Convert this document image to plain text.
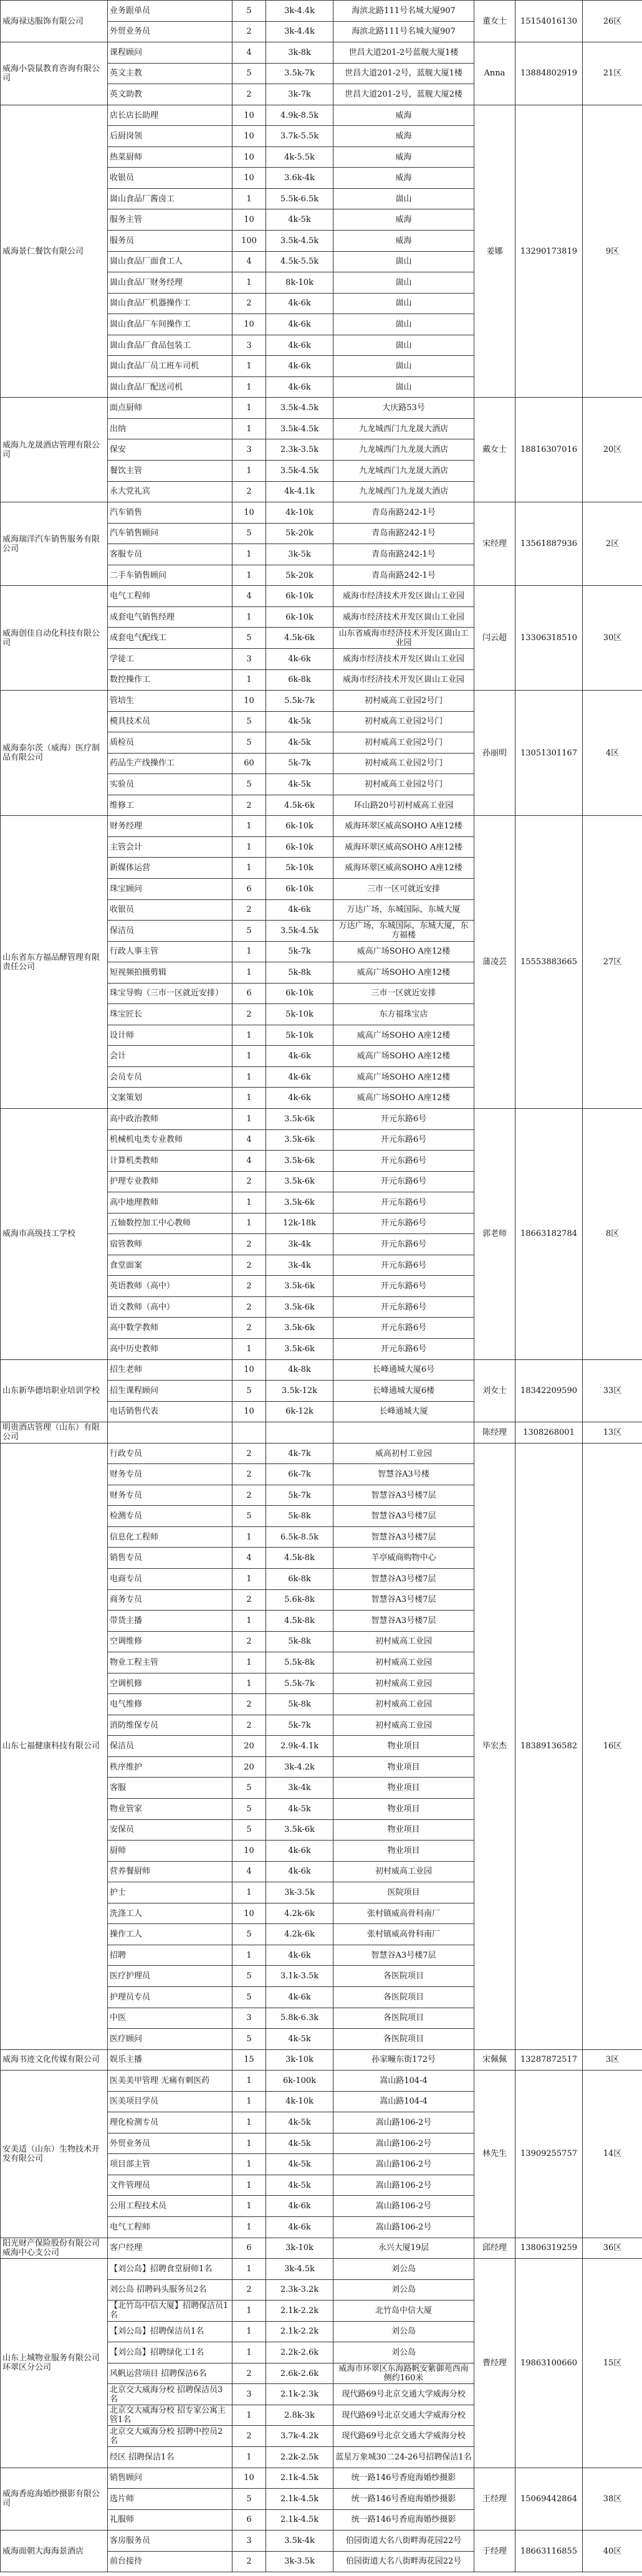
威海禄达服饰有限公司	业务跟单员	5	3k-4.4k	海滨北路111号名城大厦907	董女士	15154016130	26区
	外贸业务员	2	3k-4.4k	海滨北路111号名城大厦907			
威海小袋鼠教育咨询有限公司	课程顾问	4	3k-8k	世昌大道201-2号蓝舰大厦1楼	Anna	13884802919	21区
	英文主教	5	3.5k-7k	世昌大道201-2号，蓝舰大厦1楼			
	英文助教	2	3k-7k	世昌大道201-2号，蓝舰大厦2楼			
威海景仁餐饮有限公司	店长店长助理	10	4.9k-8.5k	威海	姜娜	13290173819	9区
	后厨岗领	10	3.7k-5.5k	威海			
	热菜厨师	10	4k-5.5k	威海			
	收银员	10	3.6k-4k	威海			
	崮山食品厂酱卤工	1	5.5k-6.5k	崮山			
	服务主管	10	4k-5k	威海			
	服务员	100	3.5k-4.5k	威海			
	崮山食品厂面食工人	4	4.5k-5.5k	崮山			
	崮山食品厂财务经理	1	8k-10k	崮山			
	崮山食品厂机器操作工	2	4k-6k	崮山			
	崮山食品厂车间操作工	10	4k-6k	崮山			
	崮山食品厂食品包装工	3	4k-6k	崮山			
	崮山食品厂员工班车司机	1	4k-6k	崮山			
	崮山食品厂配送司机	1	4k-6k	崮山			
威海九龙晟酒店管理有限公司	面点厨师	1	3.5k-4.5k	大庆路53号	戴女士	18816307016	20区
	出纳	1	3.5k-4.5k	九龙城西门九龙晟大酒店			
	保安	3	2.3k-3.5k	九龙城西门九龙晟大酒店			
	餐饮主管	1	3.5k-4.5k	九龙城西门九龙晟大酒店			
	永大党礼宾	2	4k-4.1k	九龙城西门九龙晟大酒店			
威海瑞洋汽车销售服务有限公司	汽车销售	10	4k-10k	青岛南路242-1号	宋经理	13561887936	2区
	汽车销售顾问	5	5k-20k	青岛南路242-1号			
	客服专员	1	3k-5k	青岛南路242-1号			
	二手车销售顾问	1	5k-20k	青岛南路242-1号			
威海创佳自动化科技有限公司	电气工程师	4	6k-10k	威海市经济技术开发区崮山工业园	闫云超	13306318510	30区
	成套电气销售经理	1	6k-10k	威海市经济技术开发区崮山工业园			
	成套电气配线工	5	4.5k-6k	山东省威海市经济技术开发区崮山工业园			
	学徒工	3	4k-6k	威海市经济技术开发区崮山工业园			
	数控操作工	1	6k-8k	威海市经济技术开发区崮山工业园			
威海泰尔茨（威海）医疗制品有限公司	管培生	10	5.5k-7k	初村威高工业园2号门	孙丽明	13051301167	4区
	模具技术员	5	4k-5k	初村威高工业园2号门			
	质检员	5	4k-5k	初村威高工业园2号门			
	药品生产线操作工	60	5k-7k	初村威高工业园2号门			
	实验员	5	4k-5k	初村威高工业园2号门			
	维修工	2	4.5k-6k	环山路20号初村威高工业园			
山东省东方福品酵管理有限责任公司	财务经理	1	6k-10k	威海环翠区威高SOHO A座12楼	蒲凌芸	15553883665	27区
	主管会计	1	6k-10k	威海环翠区威高SOHO A座12楼			
	新媒体运营	1	5k-10k	威海环翠区威高SOHO A座12楼			
	珠宝顾问	6	6k-10k	三市一区可就近安排			
	收银员	2	4k-6k	万达广场，东城国际，东城大厦			
	保洁员	5	3.5k-4.5k	万达广场，东城国际，东城大厦，东方福楼			
	行政人事主管	1	5k-7k	威高广场SOHO A座12楼			
	短视频拍摄剪辑	1	5k-8k	威高广场SOHO A座12楼			
	珠宝导购（三市一区就近安排）	6	6k-10k	三市一区就近安排			
	珠宝匠长	2	5k-10k	东方福珠宝店			
	设计师	1	5k-10k	威高广场SOHO A座12楼			
	会计	1	4k-6k	威高广场SOHO A座12楼			
	会员专员	1	4k-6k	威高广场SOHO A座12楼			
	文案策划	1	4k-6k	威高广场SOHO A座12楼			
威海市高级技工学校	高中政治教师	1	3.5k-6k	开元东路6号	郭老师	18663182784	8区
	机械机电类专业教师	4	3.5k-6k	开元东路6号			
	计算机类教师	4	3.5k-6k	开元东路6号			
	护理专业教师	2	3.5k-6k	开元东路6号			
	高中地理教师	1	3.5k-6k	开元东路6号			
	五轴数控加工中心教师	1	12k-18k	开元东路6号			
	宿管教师	2	3k-4k	开元东路6号			
	食堂面案	2	3k-4k	开元东路6号			
	英语教师（高中）	2	3.5k-6k	开元东路6号			
	语文教师（高中）	2	3.5k-6k	开元东路6号			
	高中数学教师	2	3.5k-6k	开元东路6号			
	高中历史教师	1	3.5k-6k	开元东路6号			
山东新华德培职业培训学校	招生老师	10	4k-8k	长峰通城大厦6号	刘女士	18342209590	33区
	招生课程顾问	5	3.5k-12k	长峰通城大厦6楼			
	电话销售代表	10	6k-12k	长峰通城大厦			
明贵酒店管理（山东）有限公司					陈经理	1308268001	13区
山东七福健康科技有限公司	行政专员	2	4k-7k	威高初村工业园	毕宏杰	18389136582	16区
	财务专员	2	6k-7k	智慧谷A3号楼			
	财务专员	2	5k-7k	智慧谷A3号楼7层			
	检测专员	5	5k-8k	智慧谷A3号楼7层			
	信息化工程师	1	6.5k-8.5k	智慧谷A3号楼7层			
	销售专员	4	4.5k-8k	羊亭威商购物中心			
	电商专员	1	6k-8k	智慧谷A3号楼7层			
	商务专员	2	5.6k-8k	智慧谷A3号楼7层			
	带货主播	1	4.5k-8k	智慧谷A3号楼7层			
	空调维修	2	5k-8k	初村威高工业园			
	物业工程主管	1	5.5k-8k	初村威高工业园			
	空调机修	1	5.5k-7k	初村威高工业园			
	电气维修	2	5k-8k	初村威高工业园			
	消防维保专员	2	5k-7k	初村威高工业园			
	保洁员	20	2.9k-4.1k	物业项目			
	秩序维护	20	3k-4.2k	物业项目			
	客服	5	3k-4k	物业项目			
	物业管家	5	4k-5k	物业项目			
	安保员	5	3.5k-6k	物业项目			
	厨师	10	4k-6k	物业项目			
	营养餐厨师	4	4k-6k	初村威高工业园			
	护士	1	3k-3.5k	医院项目			
	洗涤工人	10	4.2k-6k	张村镇威高骨科南厂			
	操作工人	5	4.2k-6k	张村镇威高骨科南厂			
	招聘	1	4k-6k	智慧谷A3号楼7层			
	医疗护理员	5	3.1k-3.5k	各医院项目			
	护理员专员	5	4k-6k	各医院项目			
	中医	3	5.8k-6.3k	各医院项目			
	医疗顾问	5	4k-5k	各医院项目			
威海书迹文化传媒有限公司	娱乐主播	15	3k-10k	孙家疃东街172号	宋佩佩	13287872517	3区
安美适（山东）生物技术开发有限公司	医美美甲管理 无痛有刺医药	1	6k-100k	嵩山路104-4	林先生	13909255757	14区
	医美项目学员	1	4k-10k	嵩山路104-4			
	理化检测专员	1	4k-5k	嵩山路106-2号			
	外贸业务员	1	4k-5k	嵩山路106-2号			
	项目部主管	1	4k-5k	嵩山路106-2号			
	文件管理员	1	4k-5k	嵩山路106-2号			
	公用工程技术员	1	4k-6k	嵩山路106-2号			
	电气工程师	1	4k-6k	嵩山路106-2号			
阳光财产保险股份有限公司威海中心支公司	客户经理	6	3k-10k	永兴大厦19层	邱经理	13806319259	36区
山东上城物业服务有限公司环翠区分公司	【刘公岛】招聘食堂厨师1名	1	3k-4.5k	刘公岛	曹经理	19863100660	15区
	刘公岛 招聘码头服务员2名	2	2.3k-3.2k	刘公岛			
	【北竹岛中信大厦】招聘保洁员1名	1	2.1k-2.2k	北竹岛中信大厦			
	【刘公岛】招聘保洁员1名	1	2.1k-2.2k	刘公岛			
	【刘公岛】招聘绿化工1名	1	2.2k-2.6k	刘公岛			
	风帆运营项目 招聘保洁6名	2	2.6k-2.6k	威海市环翠区东海路帆安紫御苑西南侧约160米			
	北京交大威海分校 招聘保洁员3名	3	2.1k-2.3k	现代路69号北京交通大学威海分校			
	北京交大威海分校 招专家公寓主管1名	1	2.8k-3k	现代路69号北京交通大学威海分校			
	北京交大威海分校 招聘中控员2名	2	3.7k-4.2k	现代路69号北京交通大学威海分校			
	经区 招聘保洁1名	1	2.2k-2.5k	蓝星万象城30二24-26号招聘保洁1名			
威海香庭海婚纱摄影有限公司	销售顾问	10	2.1k-4.5k	统一路146号香庭海婚纱摄影	王经理	15069442864	38区
	选片师	5	2.1k-4.5k	统一路146号香庭海婚纱摄影			
	礼服师	6	2.1k-4.5k	统一路146号香庭海婚纱摄影			
威海面朝大海海景酒店	客房服务员	3	3.5k-4k	伯园街道大名八街畔海花园22号	于经理	18663116855	40区
	前台接待	2	3k-3.5k	伯园街道大名八街畔海花园22号			
